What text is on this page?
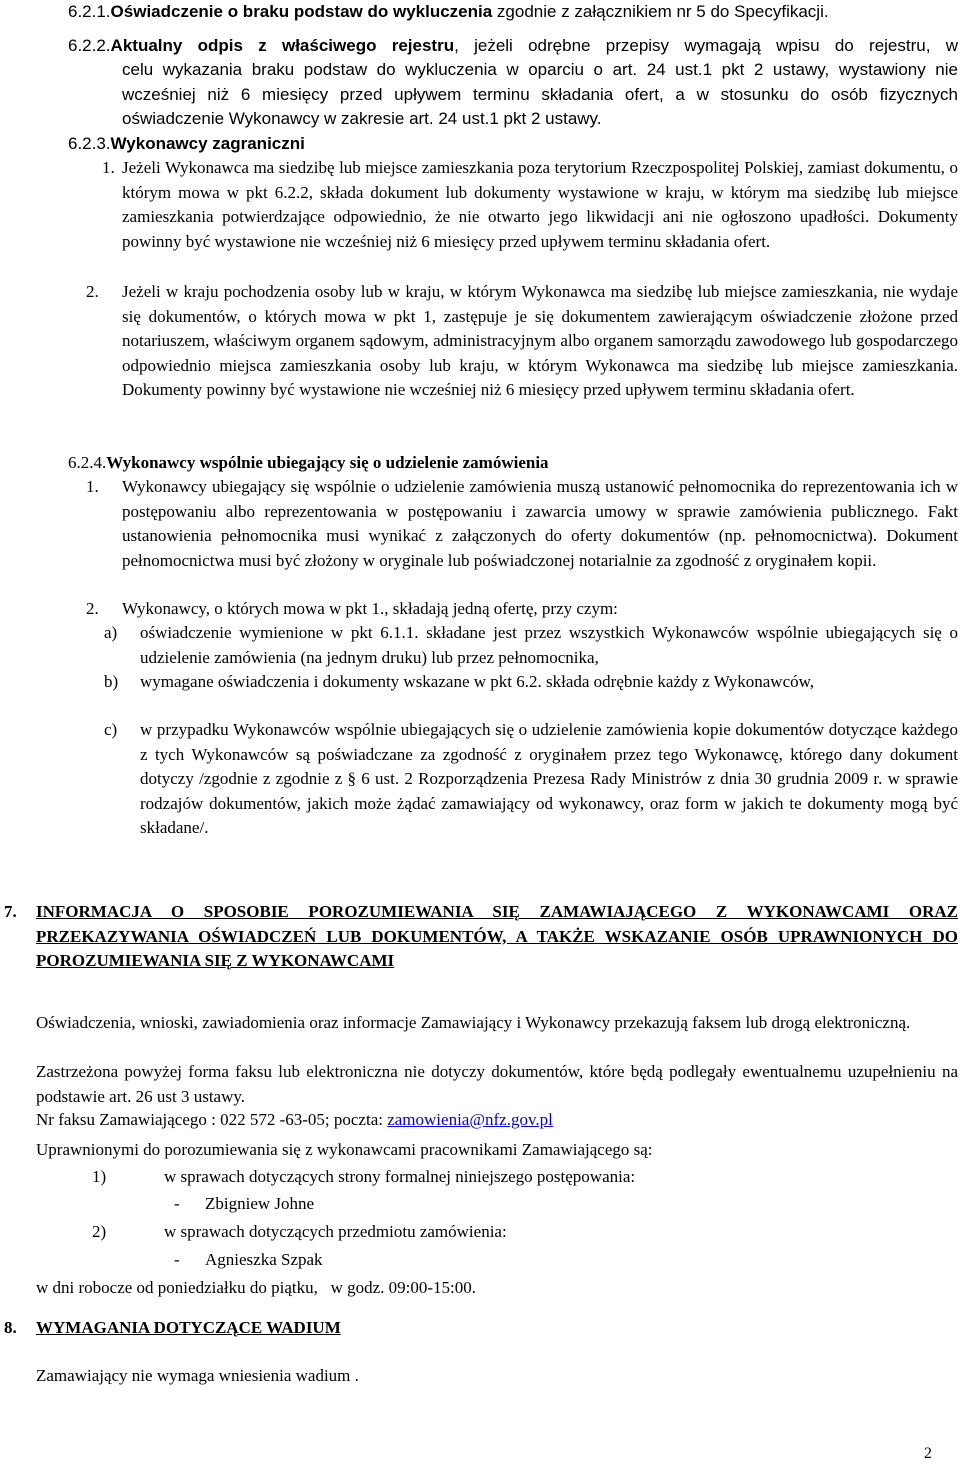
6.2.1.Oświadczenie o braku podstaw do wykluczenia zgodnie z załącznikiem nr 5 do Specyfikacji.
6.2.2.Aktualny odpis z właściwego rejestru, jeżeli odrębne przepisy wymagają wpisu do rejestru, w
celu wykazania braku podstaw do wykluczenia w oparciu o art. 24 ust.1 pkt 2 ustawy, wystawiony nie wcześniej niż 6 miesięcy przed upływem terminu składania ofert, a w stosunku do osób fizycznych oświadczenie Wykonawcy w zakresie art. 24 ust.1 pkt 2 ustawy.
6.2.3.Wykonawcy zagraniczni
1. Jeżeli Wykonawca ma siedzibę lub miejsce zamieszkania poza terytorium Rzeczpospolitej Polskiej, zamiast dokumentu, o którym mowa w pkt 6.2.2, składa dokument lub dokumenty wystawione w kraju, w którym ma siedzibę lub miejsce zamieszkania potwierdzające odpowiednio, że nie otwarto jego likwidacji ani nie ogłoszono upadłości. Dokumenty powinny być wystawione nie wcześniej niż 6 miesięcy przed upływem terminu składania ofert.
2. Jeżeli w kraju pochodzenia osoby lub w kraju, w którym Wykonawca ma siedzibę lub miejsce zamieszkania, nie wydaje się dokumentów, o których mowa w pkt 1, zastępuje je się dokumentem zawierającym oświadczenie złożone przed notariuszem, właściwym organem sądowym, administracyjnym albo organem samorządu zawodowego lub gospodarczego odpowiednio miejsca zamieszkania osoby lub kraju, w którym Wykonawca ma siedzibę lub miejsce zamieszkania. Dokumenty powinny być wystawione nie wcześniej niż 6 miesięcy przed upływem terminu składania ofert.
6.2.4.Wykonawcy wspólnie ubiegający się o udzielenie zamówienia
1. Wykonawcy ubiegający się wspólnie o udzielenie zamówienia muszą ustanowić pełnomocnika do reprezentowania ich w postępowaniu albo reprezentowania w postępowaniu i zawarcia umowy w sprawie zamówienia publicznego. Fakt ustanowienia pełnomocnika musi wynikać z załączonych do oferty dokumentów (np. pełnomocnictwa). Dokument pełnomocnictwa musi być złożony w oryginale lub poświadczonej notarialnie za zgodność z oryginałem kopii.
2. Wykonawcy, o których mowa w pkt 1., składają jedną ofertę, przy czym:
a) oświadczenie wymienione w pkt 6.1.1. składane jest przez wszystkich Wykonawców wspólnie ubiegających się o udzielenie zamówienia (na jednym druku) lub przez pełnomocnika,
b) wymagane oświadczenia i dokumenty wskazane w pkt 6.2. składa odrębnie każdy z Wykonawców,
c) w przypadku Wykonawców wspólnie ubiegających się o udzielenie zamówienia kopie dokumentów dotyczące każdego z tych Wykonawców są poświadczane za zgodność z oryginałem przez tego Wykonawcę, którego dany dokument dotyczy /zgodnie z zgodnie z § 6 ust. 2 Rozporządzenia Prezesa Rady Ministrów z dnia 30 grudnia 2009 r. w sprawie rodzajów dokumentów, jakich może żądać zamawiający od wykonawcy, oraz form w jakich te dokumenty mogą być składane/.
7. INFORMACJA O SPOSOBIE POROZUMIEWANIA SIĘ ZAMAWIAJĄCEGO Z WYKONAWCAMI ORAZ PRZEKAZYWANIA OŚWIADCZEŃ LUB DOKUMENTÓW, A TAKŻE WSKAZANIE OSÓB UPRAWNIONYCH DO POROZUMIEWANIA SIĘ Z WYKONAWCAMI
Oświadczenia, wnioski, zawiadomienia oraz informacje Zamawiający i Wykonawcy przekazują faksem lub drogą elektroniczną.
Zastrzeżona powyżej forma faksu lub elektroniczna nie dotyczy dokumentów, które będą podlegały ewentualnemu uzupełnieniu na podstawie art. 26 ust 3 ustawy.
Nr faksu Zamawiającego : 022 572 -63-05; poczta: zamowienia@nfz.gov.pl
Uprawnionymi do porozumiewania się z wykonawcami pracownikami Zamawiającego są:
1)	w sprawach dotyczących strony formalnej niniejszego postępowania:
- Zbigniew Johne
2)	w sprawach dotyczących przedmiotu zamówienia:
- Agnieszka Szpak
w dni robocze od poniedziałku do piątku,   w godz. 09:00-15:00.
8. WYMAGANIA DOTYCZĄCE WADIUM
Zamawiający nie wymaga wniesienia wadium .
2
